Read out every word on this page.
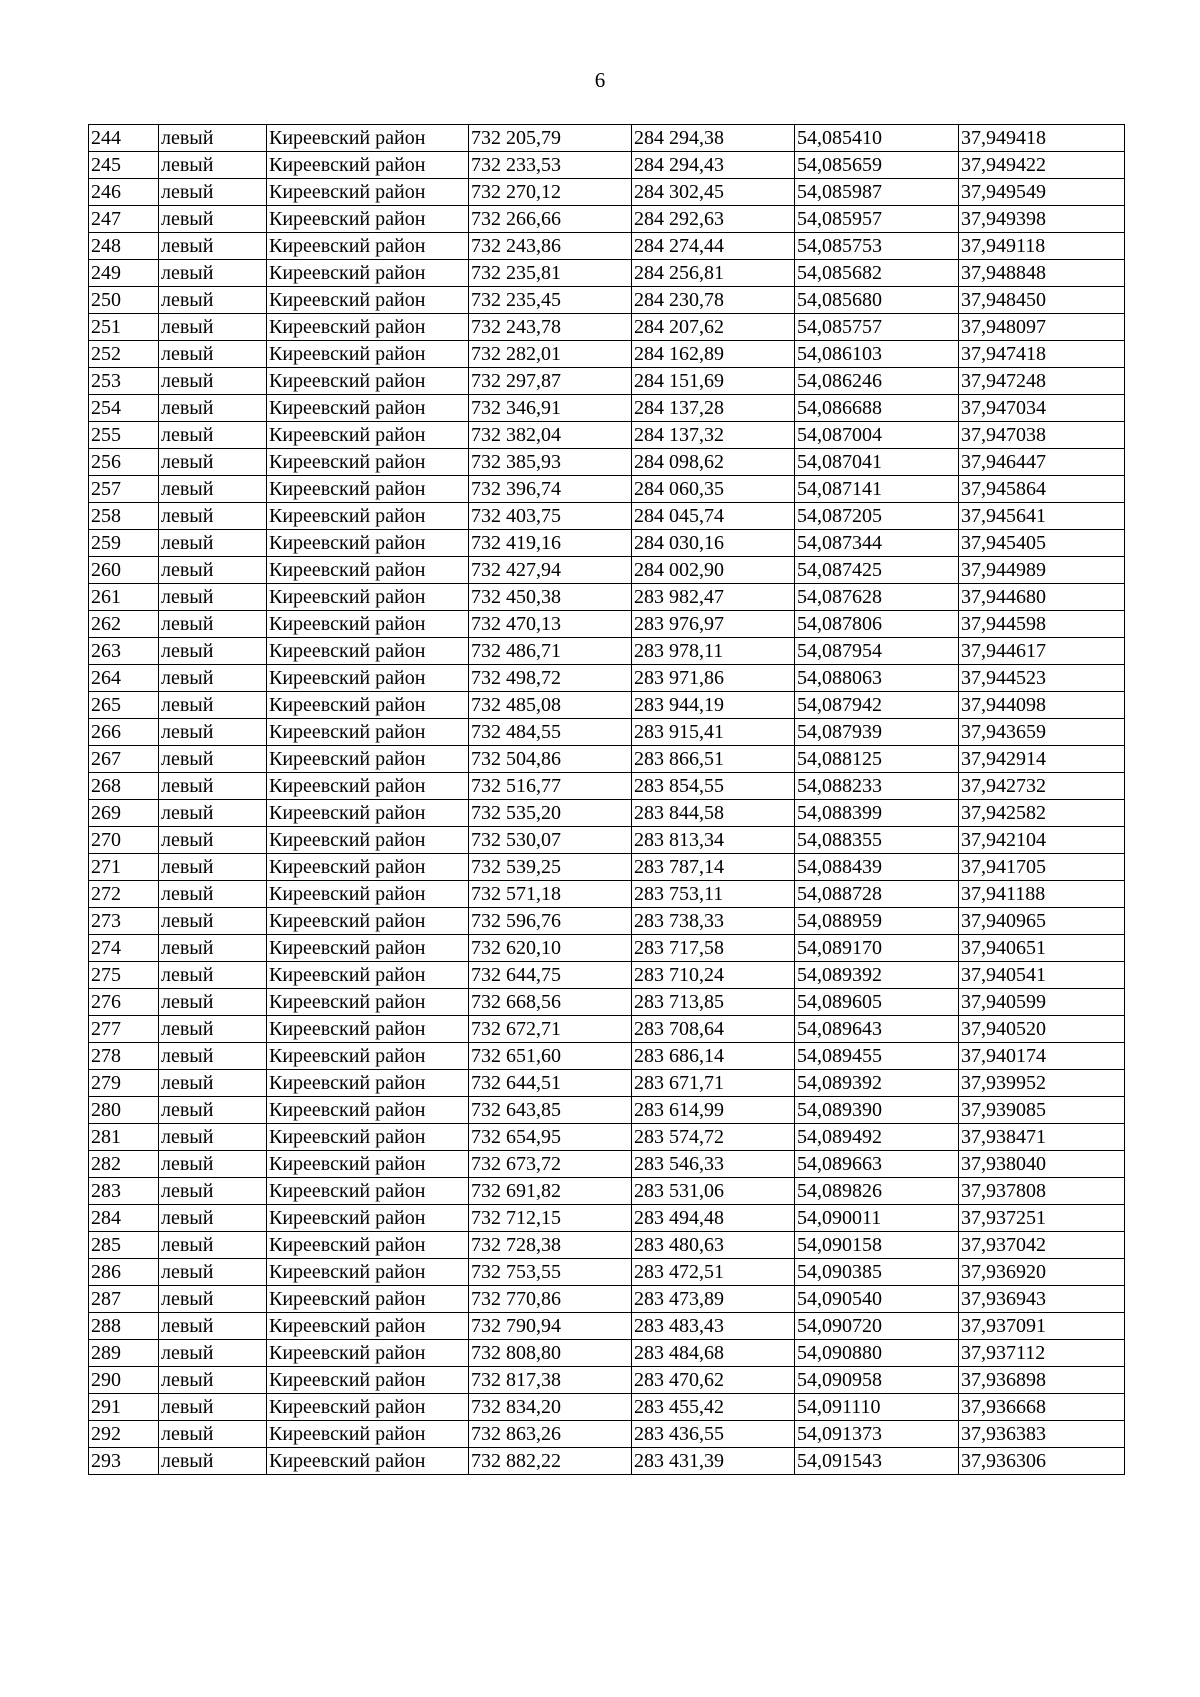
6
244	левый	Киреевский район	732 205,79	284 294,38	54,085410	37,949418
245	левый	Киреевский район	732 233,53	284 294,43	54,085659	37,949422
246	левый	Киреевский район	732 270,12	284 302,45	54,085987	37,949549
247	левый	Киреевский район	732 266,66	284 292,63	54,085957	37,949398
248	левый	Киреевский район	732 243,86	284 274,44	54,085753	37,949118
249	левый	Киреевский район	732 235,81	284 256,81	54,085682	37,948848
250	левый	Киреевский район	732 235,45	284 230,78	54,085680	37,948450
251	левый	Киреевский район	732 243,78	284 207,62	54,085757	37,948097
252	левый	Киреевский район	732 282,01	284 162,89	54,086103	37,947418
253	левый	Киреевский район	732 297,87	284 151,69	54,086246	37,947248
254	левый	Киреевский район	732 346,91	284 137,28	54,086688	37,947034
255	левый	Киреевский район	732 382,04	284 137,32	54,087004	37,947038
256	левый	Киреевский район	732 385,93	284 098,62	54,087041	37,946447
257	левый	Киреевский район	732 396,74	284 060,35	54,087141	37,945864
258	левый	Киреевский район	732 403,75	284 045,74	54,087205	37,945641
259	левый	Киреевский район	732 419,16	284 030,16	54,087344	37,945405
260	левый	Киреевский район	732 427,94	284 002,90	54,087425	37,944989
261	левый	Киреевский район	732 450,38	283 982,47	54,087628	37,944680
262	левый	Киреевский район	732 470,13	283 976,97	54,087806	37,944598
263	левый	Киреевский район	732 486,71	283 978,11	54,087954	37,944617
264	левый	Киреевский район	732 498,72	283 971,86	54,088063	37,944523
265	левый	Киреевский район	732 485,08	283 944,19	54,087942	37,944098
266	левый	Киреевский район	732 484,55	283 915,41	54,087939	37,943659
267	левый	Киреевский район	732 504,86	283 866,51	54,088125	37,942914
268	левый	Киреевский район	732 516,77	283 854,55	54,088233	37,942732
269	левый	Киреевский район	732 535,20	283 844,58	54,088399	37,942582
270	левый	Киреевский район	732 530,07	283 813,34	54,088355	37,942104
271	левый	Киреевский район	732 539,25	283 787,14	54,088439	37,941705
272	левый	Киреевский район	732 571,18	283 753,11	54,088728	37,941188
273	левый	Киреевский район	732 596,76	283 738,33	54,088959	37,940965
274	левый	Киреевский район	732 620,10	283 717,58	54,089170	37,940651
275	левый	Киреевский район	732 644,75	283 710,24	54,089392	37,940541
276	левый	Киреевский район	732 668,56	283 713,85	54,089605	37,940599
277	левый	Киреевский район	732 672,71	283 708,64	54,089643	37,940520
278	левый	Киреевский район	732 651,60	283 686,14	54,089455	37,940174
279	левый	Киреевский район	732 644,51	283 671,71	54,089392	37,939952
280	левый	Киреевский район	732 643,85	283 614,99	54,089390	37,939085
281	левый	Киреевский район	732 654,95	283 574,72	54,089492	37,938471
282	левый	Киреевский район	732 673,72	283 546,33	54,089663	37,938040
283	левый	Киреевский район	732 691,82	283 531,06	54,089826	37,937808
284	левый	Киреевский район	732 712,15	283 494,48	54,090011	37,937251
285	левый	Киреевский район	732 728,38	283 480,63	54,090158	37,937042
286	левый	Киреевский район	732 753,55	283 472,51	54,090385	37,936920
287	левый	Киреевский район	732 770,86	283 473,89	54,090540	37,936943
288	левый	Киреевский район	732 790,94	283 483,43	54,090720	37,937091
289	левый	Киреевский район	732 808,80	283 484,68	54,090880	37,937112
290	левый	Киреевский район	732 817,38	283 470,62	54,090958	37,936898
291	левый	Киреевский район	732 834,20	283 455,42	54,091110	37,936668
292	левый	Киреевский район	732 863,26	283 436,55	54,091373	37,936383
293	левый	Киреевский район	732 882,22	283 431,39	54,091543	37,936306
